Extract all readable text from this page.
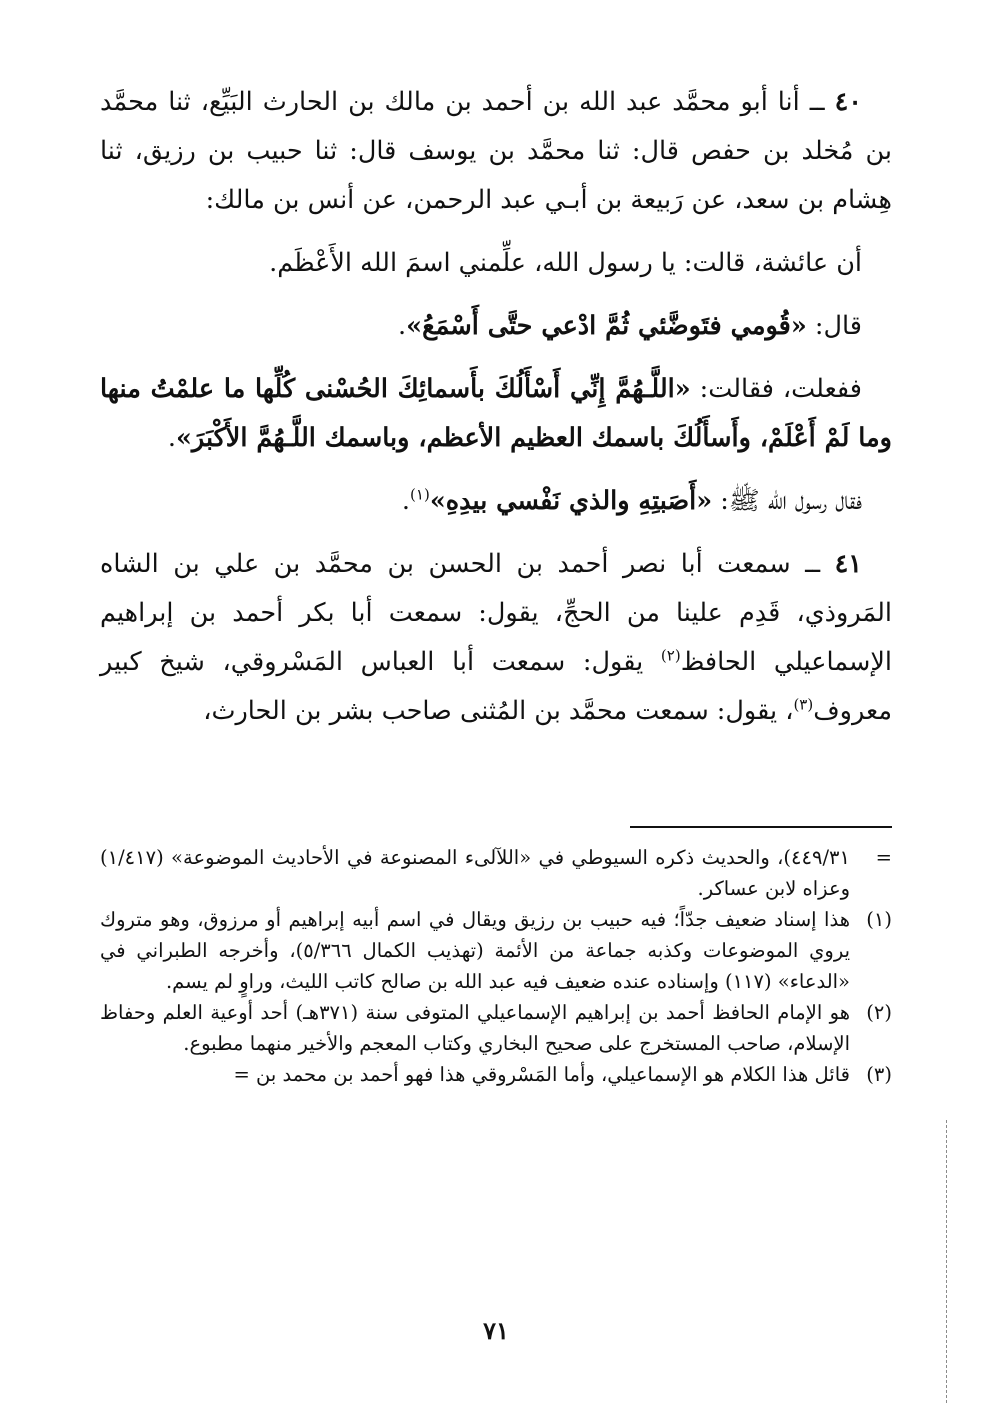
٤٠ ــ أنا أبو محمَّد عبد الله بن أحمد بن مالك بن الحارث البَيِّع، ثنا محمَّد بن مُخلد بن حفص قال: ثنا محمَّد بن يوسف قال: ثنا حبيب بن رزيق، ثنا هِشام بن سعد، عن رَبيعة بن أبـي عبد الرحمن، عن أنس بن مالك:

أن عائشة، قالت: يا رسول الله، علِّمني اسمَ الله الأَعْظَم.

قال: «قُومي فتَوضَّئي ثُمَّ ادْعي حتَّى أَسْمَعُ».

ففعلت، فقالت: «اللَّـهُمَّ إِنِّي أَسْأَلُكَ بأَسمائِكَ الحُسْنى كُلِّها ما علمْتُ منها وما لَمْ أَعْلَمْ، وأَسأَلُكَ باسمك العظيم الأعظم، وباسمك اللَّـهُمَّ الأَكْبَرَ».

فقال رسول الله ﷺ: «أَصَبتِهِ والذي نَفْسي بيدِهِ»$^{(١)}$.

٤١ ــ سمعت أبا نصر أحمد بن الحسن بن محمَّد بن علي بن الشاه المَروذي، قَدِم علينا من الحجِّ، يقول: سمعت أبا بكر أحمد بن إبراهيم الإسماعيلي الحافظ$^{(٢)}$ يقول: سمعت أبا العباس المَسْروقي، شيخ كبير معروف$^{(٣)}$، يقول: سمعت محمَّد بن المُثنى صاحب بشر بن الحارث،

=
٤٤٩/٣١)، والحديث ذكره السيوطي في «اللآلىء المصنوعة في الأحاديث الموضوعة» (١/٤١٧) وعزاه لابن عساكر.
(١)
هذا إسناد ضعيف جدّاً؛ فيه حبيب بن رزيق ويقال في اسم أبيه إبراهيم أو مرزوق، وهو متروك يروي الموضوعات وكذبه جماعة من الأئمة (تهذيب الكمال ٥/٣٦٦)، وأخرجه الطبراني في «الدعاء» (١١٧) وإسناده عنده ضعيف فيه عبد الله بن صالح كاتب الليث، وراوٍ لم يسم.
(٢)
هو الإمام الحافظ أحمد بن إبراهيم الإسماعيلي المتوفى سنة (٣٧١هـ) أحد أوعية العلم وحفاظ الإسلام، صاحب المستخرج على صحيح البخاري وكتاب المعجم والأخير منهما مطبوع.
(٣)
قائل هذا الكلام هو الإسماعيلي، وأما المَسْروقي هذا فهو أحمد بن محمد بن =
٧١
